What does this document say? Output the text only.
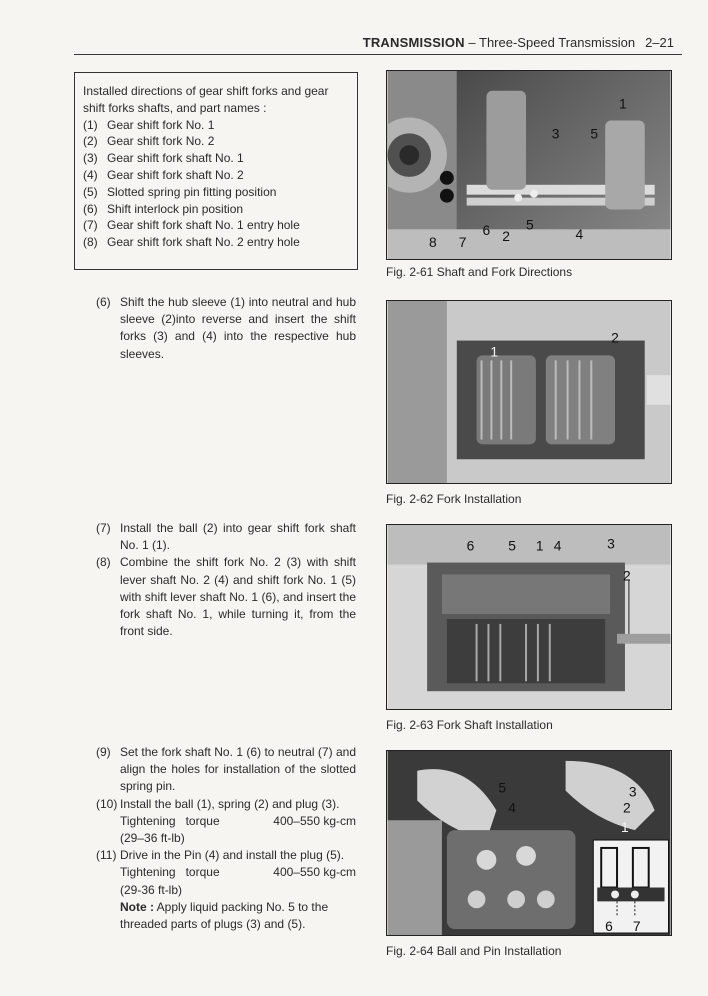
TRANSMISSION – Three-Speed Transmission 2–21
Installed directions of gear shift forks and gear
shift forks shafts, and part names :
(1) Gear shift fork No. 1
(2) Gear shift fork No. 2
(3) Gear shift fork shaft No. 1
(4) Gear shift fork shaft No. 2
(5) Slotted spring pin fitting position
(6) Shift interlock pin position
(7) Gear shift fork shaft No. 1 entry hole
(8) Gear shift fork shaft No. 2 entry hole
(6) Shift the hub sleeve (1) into neutral and hub sleeve (2)into reverse and insert the shift forks (3) and (4) into the respective hub sleeves.
(7) Install the ball (2) into gear shift fork shaft No. 1 (1).
(8) Combine the shift fork No. 2 (3) with shift lever shaft No. 2 (4) and shift fork No. 1 (5) with shift lever shaft No. 1 (6), and insert the fork shaft No. 1, while turning it, from the front side.
(9) Set the fork shaft No. 1 (6) to neutral (7) and align the holes for installation of the slotted spring pin.
(10) Install the ball (1), spring (2) and plug (3).
Tightening   torque	400–550 kg-cm
(29–36 ft-lb)
(11) Drive in the Pin (4) and install the plug (5).
Tightening   torque	400–550 kg-cm
(29-36 ft-lb)
Note : Apply liquid packing No. 5 to the threaded parts of plugs (3) and (5).
1
3 5
5
6 2
7
8	4
Fig. 2-61 Shaft and Fork Directions
1
2
Fig. 2-62 Fork Installation
6 5 1 4	3
2
Fig. 2-63 Fork Shaft Installation
5
4
3
2
1
6 7
Fig. 2-64 Ball and Pin Installation
